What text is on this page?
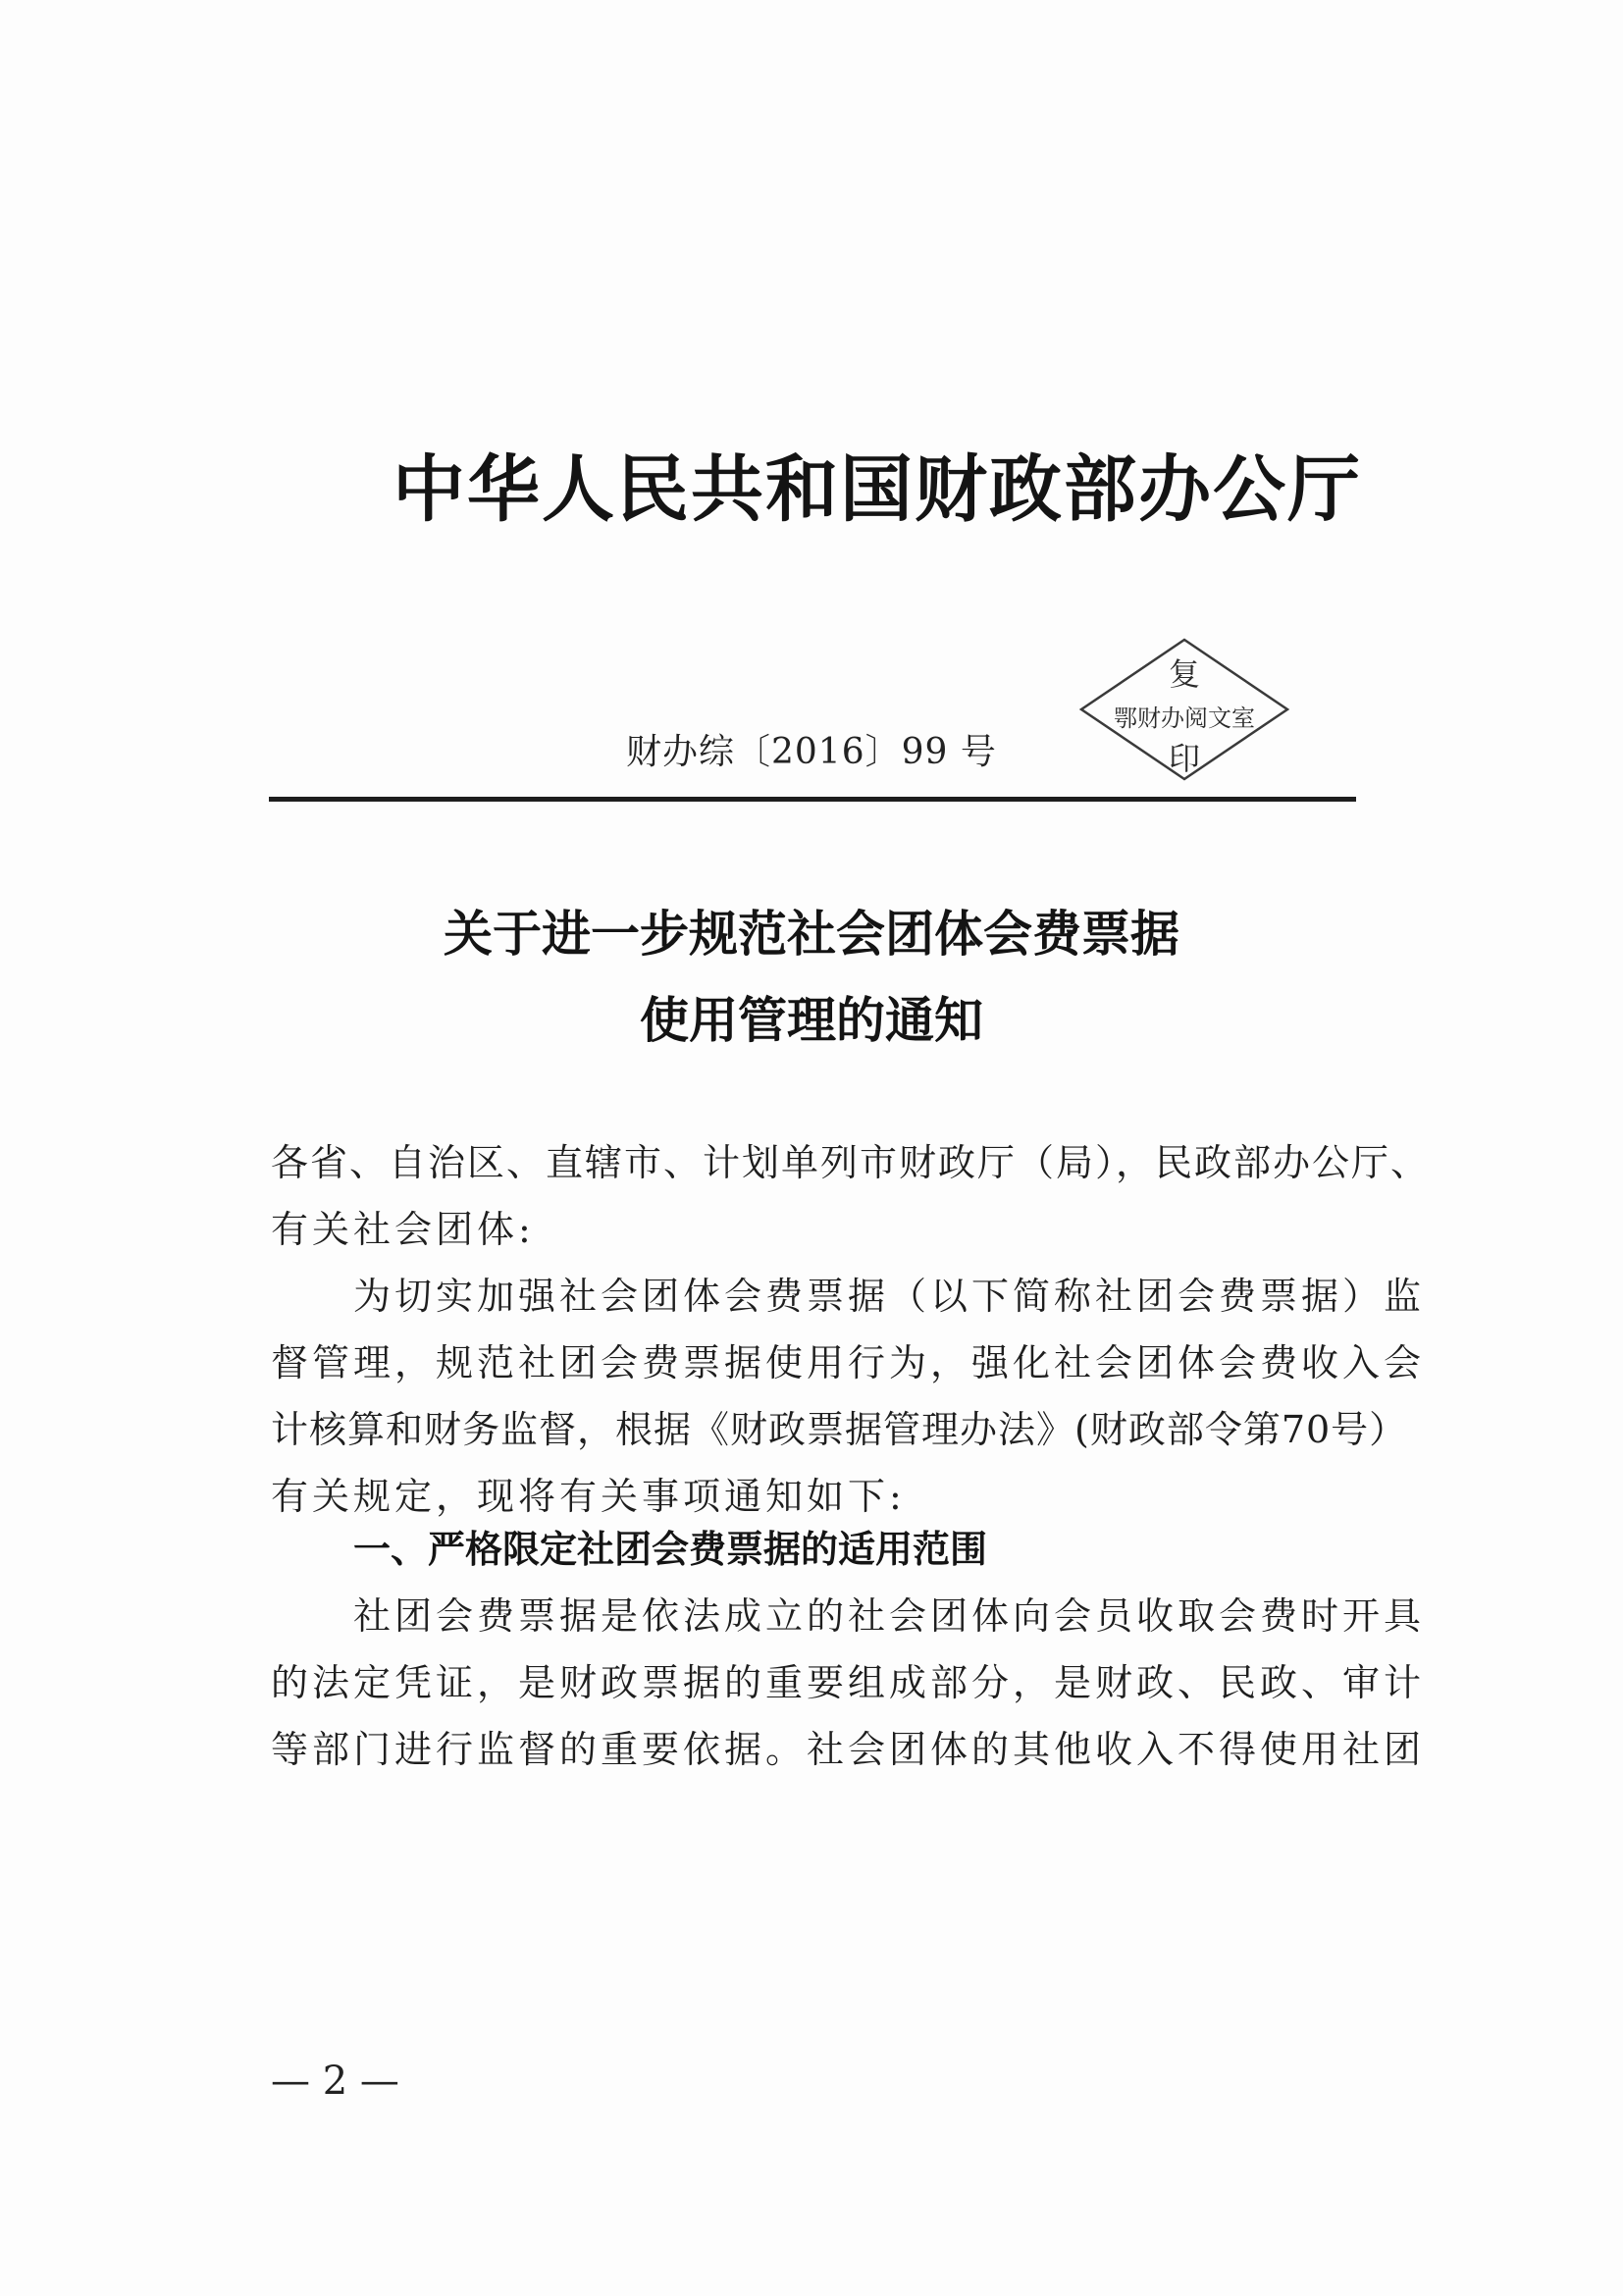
中华人民共和国财政部办公厅
财办综〔2016〕99 号
复
鄂财办阅文室
印
关于进一步规范社会团体会费票据
使用管理的通知
各省、自治区、直辖市、计划单列市财政厅（局），民政部办公厅、
有关社会团体:
为切实加强社会团体会费票据（以下简称社团会费票据）监
督管理，规范社团会费票据使用行为，强化社会团体会费收入会
计核算和财务监督，根据《财政票据管理办法》(财政部令第70号）
有关规定，现将有关事项通知如下:
一、严格限定社团会费票据的适用范围
社团会费票据是依法成立的社会团体向会员收取会费时开具
的法定凭证，是财政票据的重要组成部分，是财政、民政、审计
等部门进行监督的重要依据。社会团体的其他收入不得使用社团
— 2 —
